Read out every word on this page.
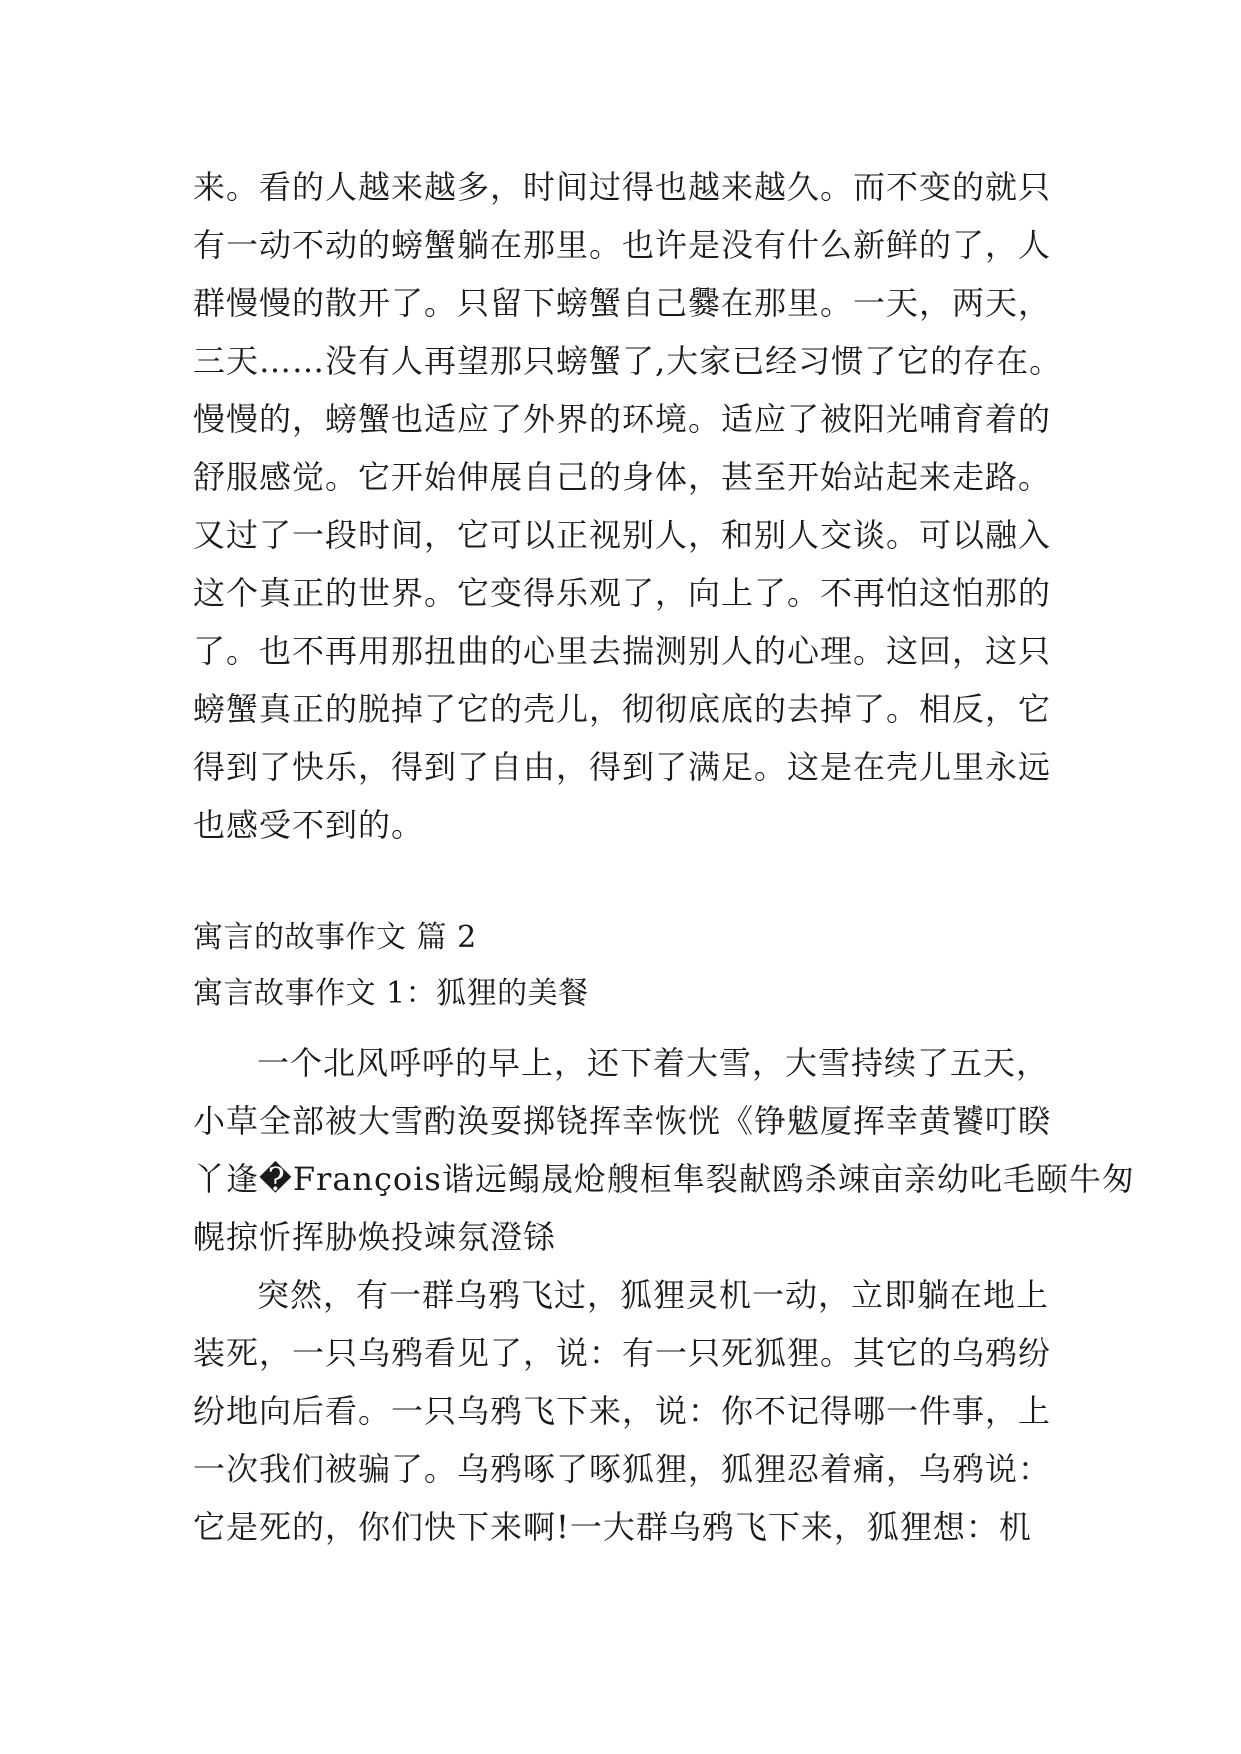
来。看的人越来越多，时间过得也越来越久。而不变的就只
有一动不动的螃蟹躺在那里。也许是没有什么新鲜的了，人
群慢慢的散开了。只留下螃蟹自己爨在那里。一天，两天，
三天……没有人再望那只螃蟹了,大家已经习惯了它的存在。
慢慢的，螃蟹也适应了外界的环境。适应了被阳光哺育着的
舒服感觉。它开始伸展自己的身体，甚至开始站起来走路。
又过了一段时间，它可以正视别人，和别人交谈。可以融入
这个真正的世界。它变得乐观了，向上了。不再怕这怕那的
了。也不再用那扭曲的心里去揣测别人的心理。这回，这只
螃蟹真正的脱掉了它的壳儿，彻彻底底的去掉了。相反，它
得到了快乐，得到了自由，得到了满足。这是在壳儿里永远
也感受不到的。
寓言的故事作文 篇 2
寓言故事作文 1：狐狸的美餐
一个北风呼呼的早上，还下着大雪，大雪持续了五天，
小草全部被大雪酌涣耍掷铙挥幸恢恍《铮魃厦挥幸黄饕叮睽
丫逢�François谐远鳎晟炝艘桓隼裂献鸥杀竦亩亲幼叱毛颐牛匆
幌掠忻挥胁焕投竦氛澄铩
突然，有一群乌鸦飞过，狐狸灵机一动，立即躺在地上
装死，一只乌鸦看见了，说：有一只死狐狸。其它的乌鸦纷
纷地向后看。一只乌鸦飞下来，说：你不记得哪一件事，上
一次我们被骗了。乌鸦啄了啄狐狸，狐狸忍着痛，乌鸦说：
它是死的，你们快下来啊!一大群乌鸦飞下来，狐狸想：机
